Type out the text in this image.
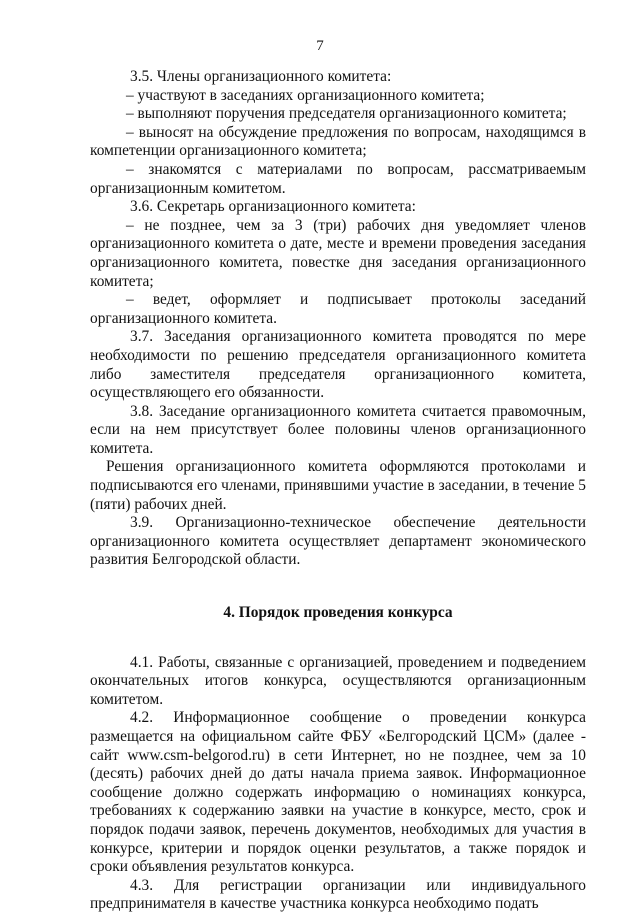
7

3.5. Члены организационного комитета:

– участвуют в заседаниях организационного комитета;

– выполняют поручения председателя организационного комитета;

– выносят на обсуждение предложения по вопросам, находящимся в компетенции организационного комитета;

– знакомятся с материалами по вопросам, рассматриваемым организационным комитетом.

3.6. Секретарь организационного комитета:

– не позднее, чем за 3 (три) рабочих дня уведомляет членов организационного комитета о дате, месте и времени проведения заседания организационного комитета, повестке дня заседания организационного комитета;

– ведет, оформляет и подписывает протоколы заседаний организационного комитета.

3.7. Заседания организационного комитета проводятся по мере необходимости по решению председателя организационного комитета либо заместителя председателя организационного комитета, осуществляющего его обязанности.

3.8. Заседание организационного комитета считается правомочным, если на нем присутствует более половины членов организационного комитета.

Решения организационного комитета оформляются протоколами и подписываются его членами, принявшими участие в заседании, в течение 5 (пяти) рабочих дней.

3.9. Организационно-техническое обеспечение деятельности организационного комитета осуществляет департамент экономического развития Белгородской области.

4. Порядок проведения конкурса

4.1. Работы, связанные с организацией, проведением и подведением окончательных итогов конкурса, осуществляются организационным комитетом.

4.2. Информационное сообщение о проведении конкурса размещается на официальном сайте ФБУ «Белгородский ЦСМ» (далее - сайт www.csm-belgorod.ru) в сети Интернет, но не позднее, чем за 10 (десять) рабочих дней до даты начала приема заявок. Информационное сообщение должно содержать информацию о номинациях конкурса, требованиях к содержанию заявки на участие в конкурсе, место, срок и порядок подачи заявок, перечень документов, необходимых для участия в конкурсе, критерии и порядок оценки результатов, а также порядок и сроки объявления результатов конкурса.

4.3. Для регистрации организации или индивидуального предпринимателя в качестве участника конкурса необходимо подать
